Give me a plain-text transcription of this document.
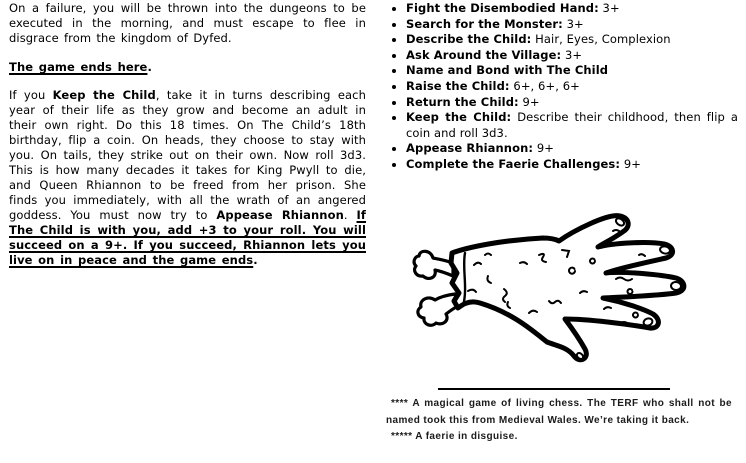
On a failure, you will be thrown into the dungeons to be executed in the morning, and must escape to flee in disgrace from the kingdom of Dyfed.

The game ends here.

If you Keep the Child, take it in turns describing each year of their life as they grow and become an adult in their own right. Do this 18 times. On The Child’s 18th birthday, flip a coin. On heads, they choose to stay with you. On tails, they strike out on their own. Now roll 3d3. This is how many decades it takes for King Pwyll to die, and Queen Rhiannon to be freed from her prison. She finds you immediately, with all the wrath of an angered goddess. You must now try to Appease Rhiannon. If The Child is with you, add +3 to your roll. You will succeed on a 9+. If you succeed, Rhiannon lets you live on in peace and the game ends.

• Fight the Disembodied Hand: 3+
• Search for the Monster: 3+
• Describe the Child: Hair, Eyes, Complexion
• Ask Around the Village: 3+
• Name and Bond with The Child
• Raise the Child: 6+, 6+, 6+
• Return the Child: 9+
• Keep the Child: Describe their childhood, then flip a coin and roll 3d3.
• Appease Rhiannon: 9+
• Complete the Faerie Challenges: 9+

**** A magical game of living chess. The TERF who shall not be named took this from Medieval Wales. We’re taking it back.

***** A faerie in disguise.
